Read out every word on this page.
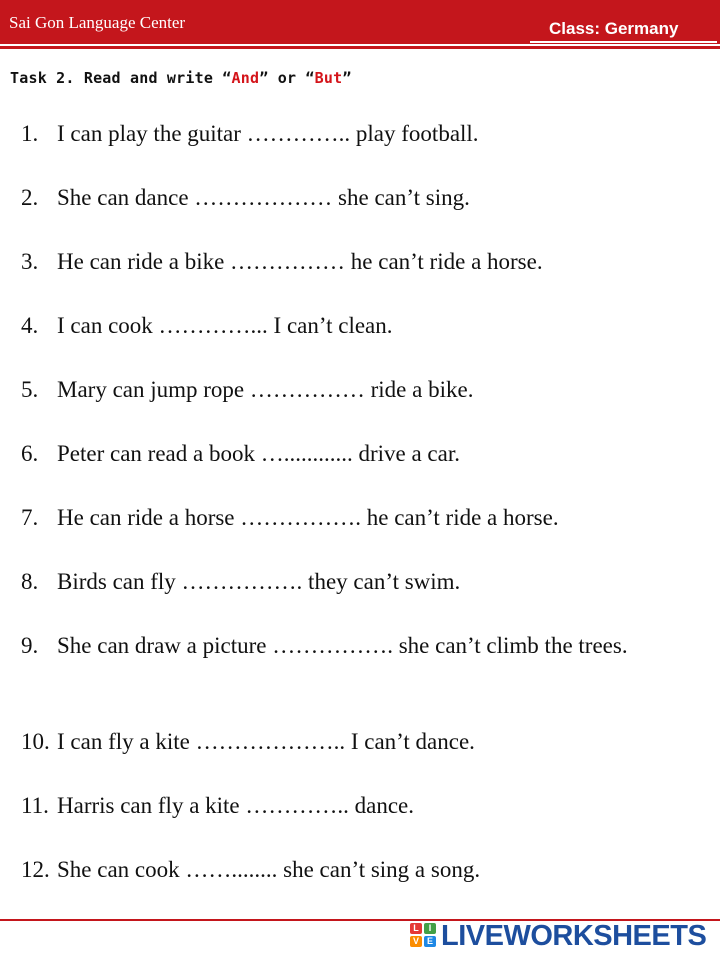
Sai Gon Language Center	Class: Germany
Task 2. Read and write “And” or “But”
1. I can play the guitar ………….. play football.
2. She can dance ……………… she can’t sing.
3. He can ride a bike …………… he can’t ride a horse.
4. I can cook …………... I can’t clean.
5. Mary can jump rope …………… ride a bike.
6. Peter can read a book …............ drive a car.
7. He can ride a horse ……………. he can’t ride a horse.
8. Birds can fly ……………. they can’t swim.
9. She can draw a picture ……………. she can’t climb the trees.
10. I can fly a kite ……………….. I can’t dance.
11. Harris can fly a kite ………….. dance.
12. She can cook ……........ she can’t sing a song.
L	I
V E LIVEWORKSHEETS
